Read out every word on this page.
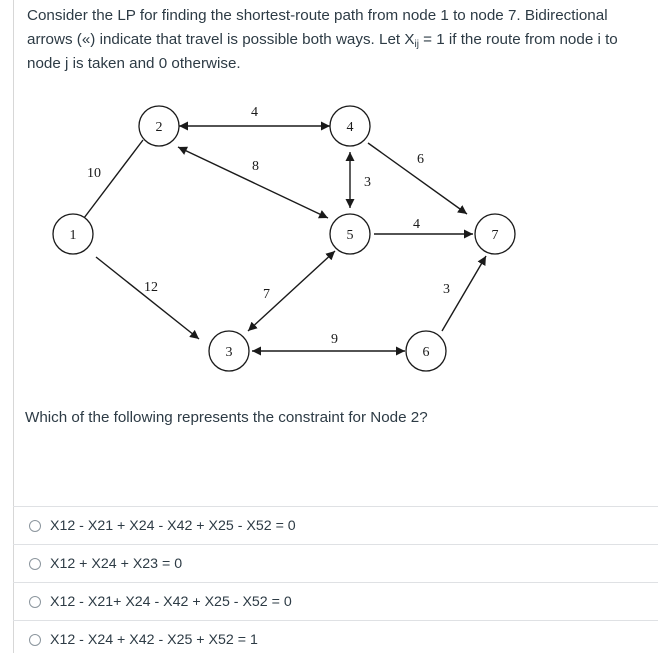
Consider the LP for finding the shortest-route path from node 1 to node 7. Bidirectional
arrows («) indicate that travel is possible both ways. Let $X_{ij} = 1$ if the route from node i to
node j is taken and 0 otherwise.
10
12
4
8
3
6
4
7
9
3
1
2
3
4
5
6
7
Which of the following represents the constraint for Node 2?
X12 - X21 + X24 - X42 + X25 - X52 = 0
X12 + X24 + X23 = 0
X12 - X21+ X24 - X42 + X25 - X52 = 0
X12 - X24 + X42 - X25 + X52 = 1
